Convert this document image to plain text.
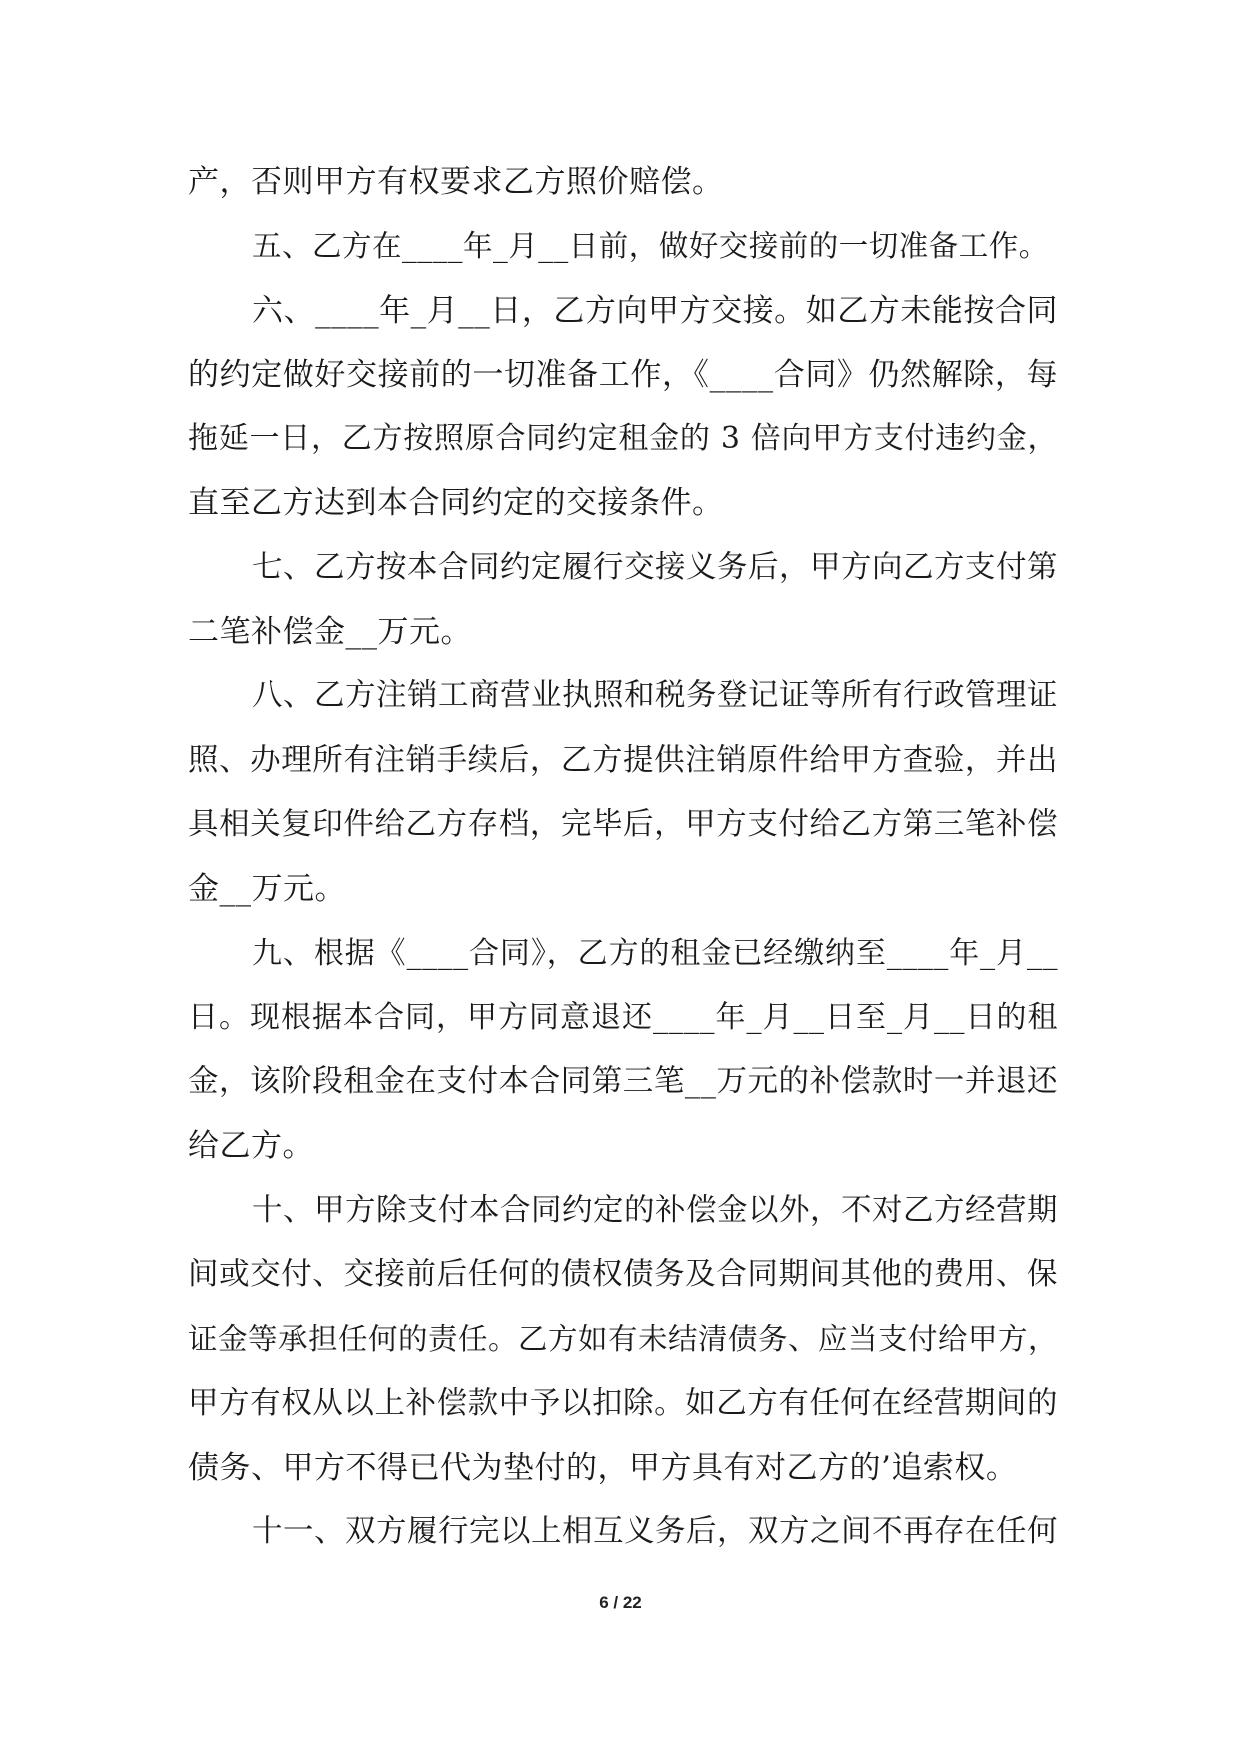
产，否则甲方有权要求乙方照价赔偿。
五、乙方在____年_月__日前，做好交接前的一切准备工作。
六、____年_月__日，乙方向甲方交接。如乙方未能按合同
的约定做好交接前的一切准备工作，《____合同》仍然解除，每
拖延一日，乙方按照原合同约定租金的 3 倍向甲方支付违约金，
直至乙方达到本合同约定的交接条件。
七、乙方按本合同约定履行交接义务后，甲方向乙方支付第
二笔补偿金__万元。
八、乙方注销工商营业执照和税务登记证等所有行政管理证
照、办理所有注销手续后，乙方提供注销原件给甲方查验，并出
具相关复印件给乙方存档，完毕后，甲方支付给乙方第三笔补偿
金__万元。
九、根据《____合同》，乙方的租金已经缴纳至____年_月__
日。现根据本合同，甲方同意退还____年_月__日至_月__日的租
金，该阶段租金在支付本合同第三笔__万元的补偿款时一并退还
给乙方。
十、甲方除支付本合同约定的补偿金以外，不对乙方经营期
间或交付、交接前后任何的债权债务及合同期间其他的费用、保
证金等承担任何的责任。乙方如有未结清债务、应当支付给甲方，
甲方有权从以上补偿款中予以扣除。如乙方有任何在经营期间的
债务、甲方不得已代为垫付的，甲方具有对乙方的’追索权。
十一、双方履行完以上相互义务后，双方之间不再存在任何
6 / 22
